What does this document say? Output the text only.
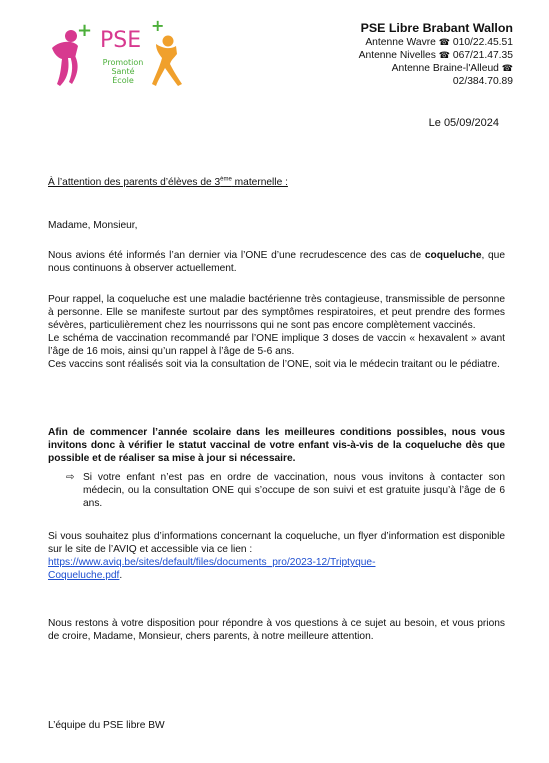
+ PSE
+
Promotion
Santé
École
PSE Libre Brabant Wallon
Antenne Wavre ☎ 010/22.45.51
Antenne Nivelles ☎ 067/21.47.35
Antenne Braine-l'Alleud ☎
02/384.70.89
Le 05/09/2024
À l’attention des parents d’élèves de 3ème maternelle :
Madame, Monsieur,
Nous avions été informés l’an dernier via l’ONE d’une recrudescence des cas de coqueluche, que nous continuons à observer actuellement.
Pour rappel, la coqueluche est une maladie bactérienne très contagieuse, transmissible de personne à personne. Elle se manifeste surtout par des symptômes respiratoires, et peut prendre des formes sévères, particulièrement chez les nourrissons qui ne sont pas encore complètement vaccinés.
Le schéma de vaccination recommandé par l’ONE implique 3 doses de vaccin « hexavalent » avant l’âge de 16 mois, ainsi qu’un rappel à l’âge de 5-6 ans.
Ces vaccins sont réalisés soit via la consultation de l’ONE, soit via le médecin traitant ou le pédiatre.
Afin de commencer l’année scolaire dans les meilleures conditions possibles, nous vous invitons donc à vérifier le statut vaccinal de votre enfant vis-à-vis de la coqueluche dès que possible et de réaliser sa mise à jour si nécessaire.
⇨ Si votre enfant n’est pas en ordre de vaccination, nous vous invitons à contacter son médecin, ou la consultation ONE qui s’occupe de son suivi et est gratuite jusqu’à l’âge de 6 ans.
Si vous souhaitez plus d’informations concernant la coqueluche, un flyer d’information est disponible sur le site de l’AVIQ et accessible via ce lien :
https://www.aviq.be/sites/default/files/documents_pro/2023-12/Triptyque-
Coqueluche.pdf.
Nous restons à votre disposition pour répondre à vos questions à ce sujet au besoin, et vous prions de croire, Madame, Monsieur, chers parents, à notre meilleure attention.
L’équipe du PSE libre BW
